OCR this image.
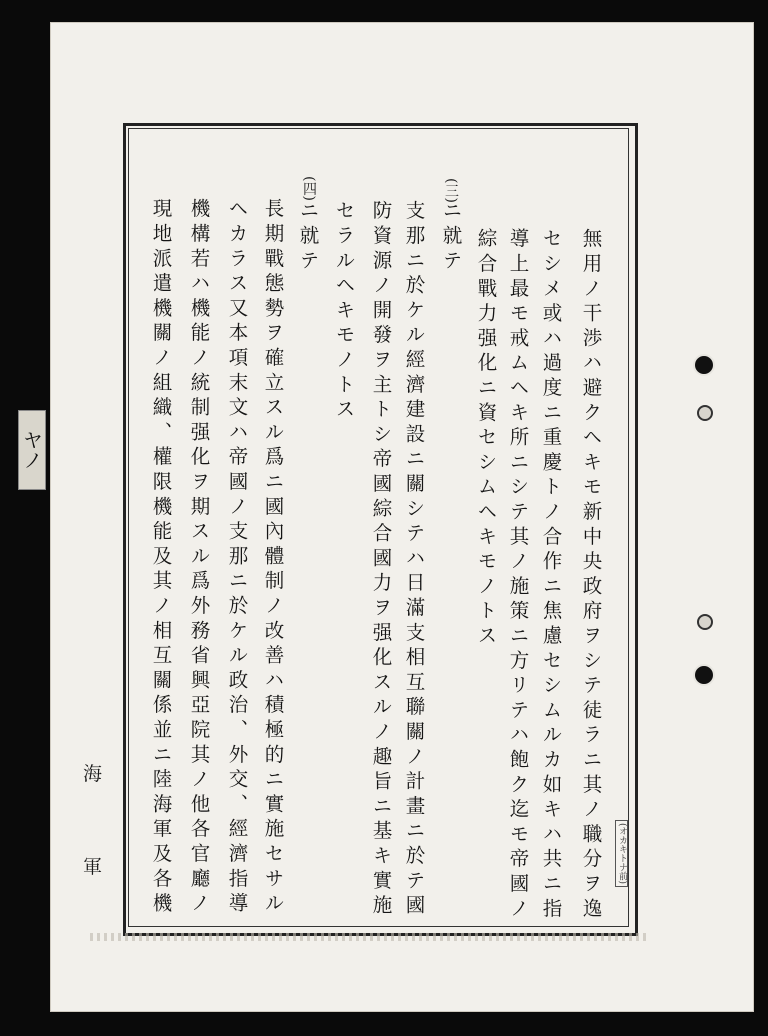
無用ノ干渉ハ避クヘキモ新中央政府ヲシテ徒ラニ其ノ職分ヲ逸
セシメ或ハ過度ニ重慶トノ合作ニ焦慮セシムルカ如キハ共ニ指
導上最モ戒ムヘキ所ニシテ其ノ施策ニ方リテハ飽ク迄モ帝國ノ
綜合戰力强化ニ資セシムヘキモノトス
(三)
ニ就テ
支那ニ於ケル經濟建設ニ關シテハ日滿支相互聯關ノ計畫ニ於テ國
防資源ノ開發ヲ主トシ帝國綜合國力ヲ强化スルノ趣旨ニ基キ實施
セラルヘキモノトス
(四)
ニ就テ
長期戰態勢ヲ確立スル爲ニ國內體制ノ改善ハ積極的ニ實施セサル
ヘカラス又本項末文ハ帝國ノ支那ニ於ケル政治、外交、經濟指導
機構若ハ機能ノ統制强化ヲ期スル爲外務省興亞院其ノ他各官廳ノ
現地派遣機關ノ組織、權限機能及其ノ相互關係並ニ陸海軍及各機
海
軍	(オカキトナ前)
ヤノ
